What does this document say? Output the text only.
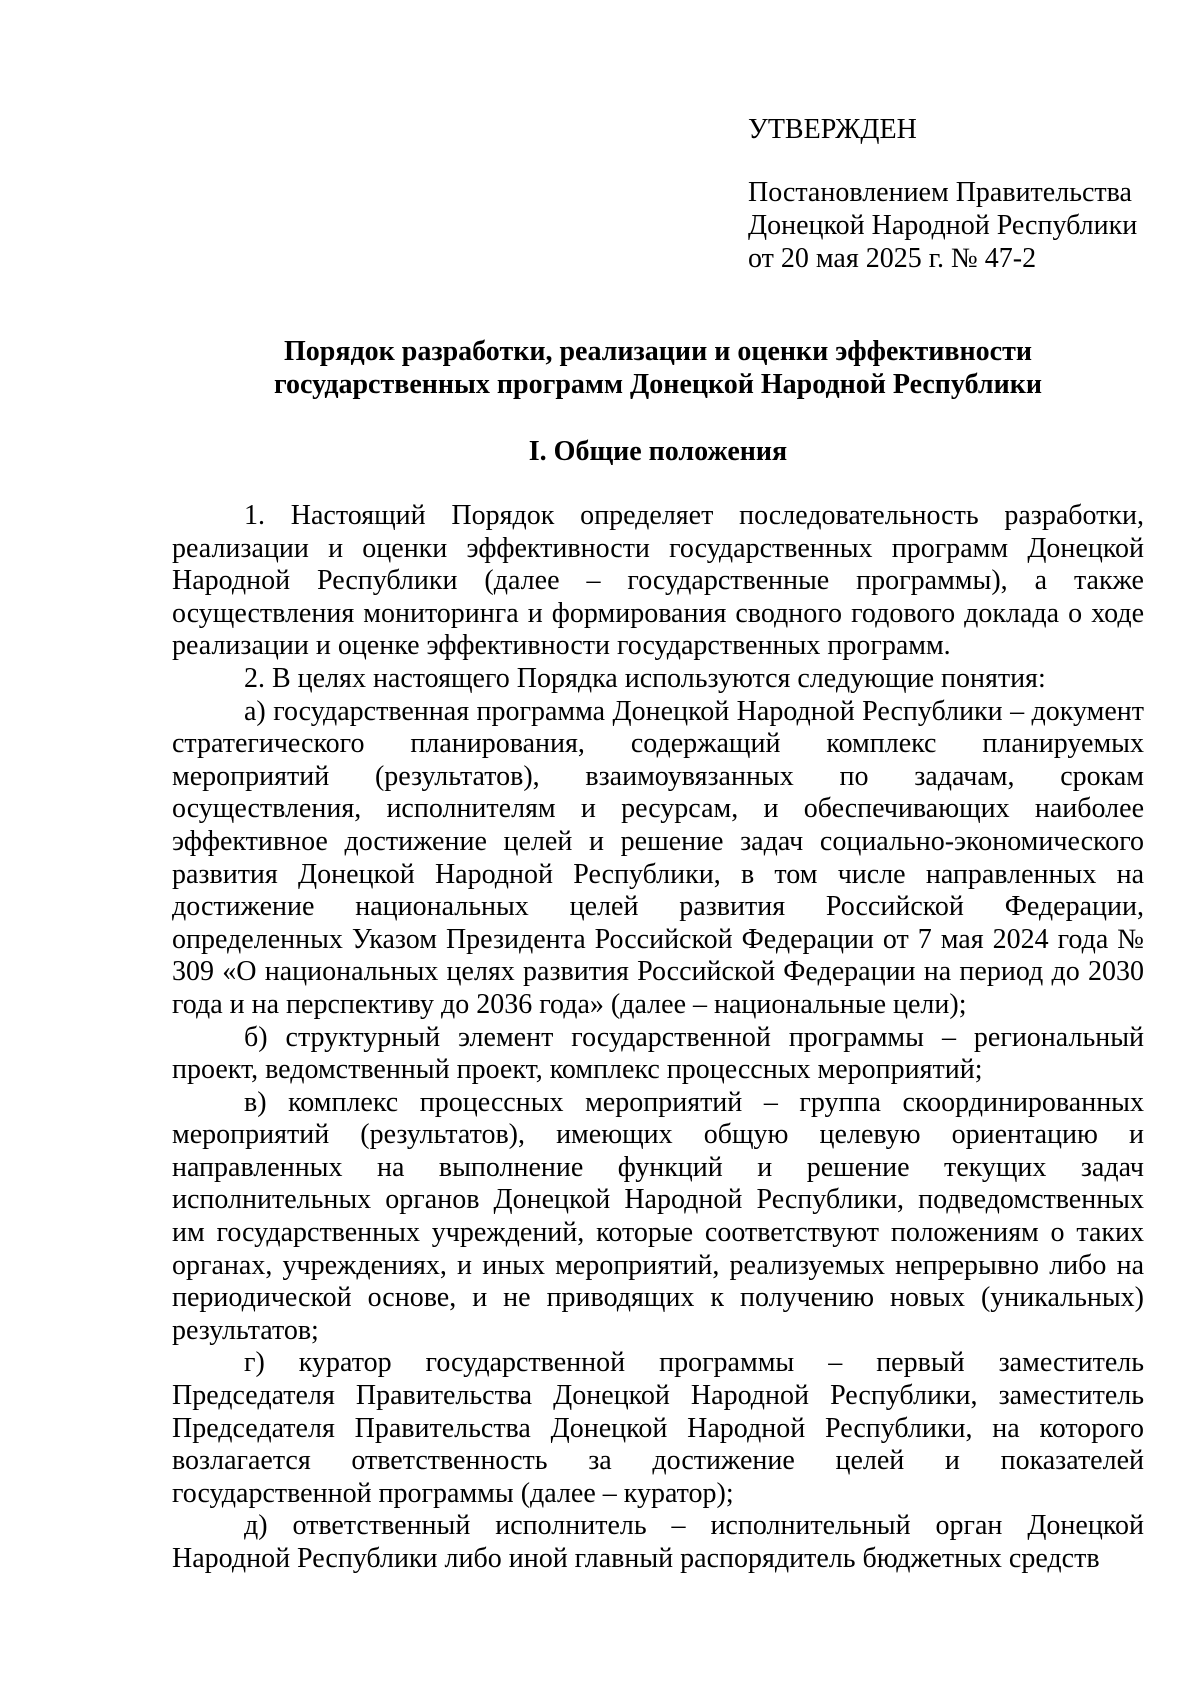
УТВЕРЖДЕН
Постановлением Правительства
Донецкой Народной Республики
от 20 мая 2025 г. № 47-2
Порядок разработки, реализации и оценки эффективности
государственных программ Донецкой Народной Республики
I. Общие положения

1. Настоящий Порядок определяет последовательность разработки, реализации и оценки эффективности государственных программ Донецкой Народной Республики (далее – государственные программы), а также осуществления мониторинга и формирования сводного годового доклада о ходе реализации и оценке эффективности государственных программ.

2. В целях настоящего Порядка используются следующие понятия:

а) государственная программа Донецкой Народной Республики – документ стратегического планирования, содержащий комплекс планируемых мероприятий (результатов), взаимоувязанных по задачам, срокам осуществления, исполнителям и ресурсам, и обеспечивающих наиболее эффективное достижение целей и решение задач социально-экономического развития Донецкой Народной Республики, в том числе направленных на достижение национальных целей развития Российской Федерации, определенных Указом Президента Российской Федерации от 7 мая 2024 года № 309 «О национальных целях развития Российской Федерации на период до 2030 года и на перспективу до 2036 года» (далее – национальные цели);

б) структурный элемент государственной программы – региональный проект, ведомственный проект, комплекс процессных мероприятий;

в) комплекс процессных мероприятий – группа скоординированных мероприятий (результатов), имеющих общую целевую ориентацию и направленных на выполнение функций и решение текущих задач исполнительных органов Донецкой Народной Республики, подведомственных им государственных учреждений, которые соответствуют положениям о таких органах, учреждениях, и иных мероприятий, реализуемых непрерывно либо на периодической основе, и не приводящих к получению новых (уникальных) результатов;

г) куратор государственной программы – первый заместитель Председателя Правительства Донецкой Народной Республики, заместитель Председателя Правительства Донецкой Народной Республики, на которого возлагается ответственность за достижение целей и показателей государственной программы (далее – куратор);

д) ответственный исполнитель – исполнительный орган Донецкой Народной Республики либо иной главный распорядитель бюджетных средств
